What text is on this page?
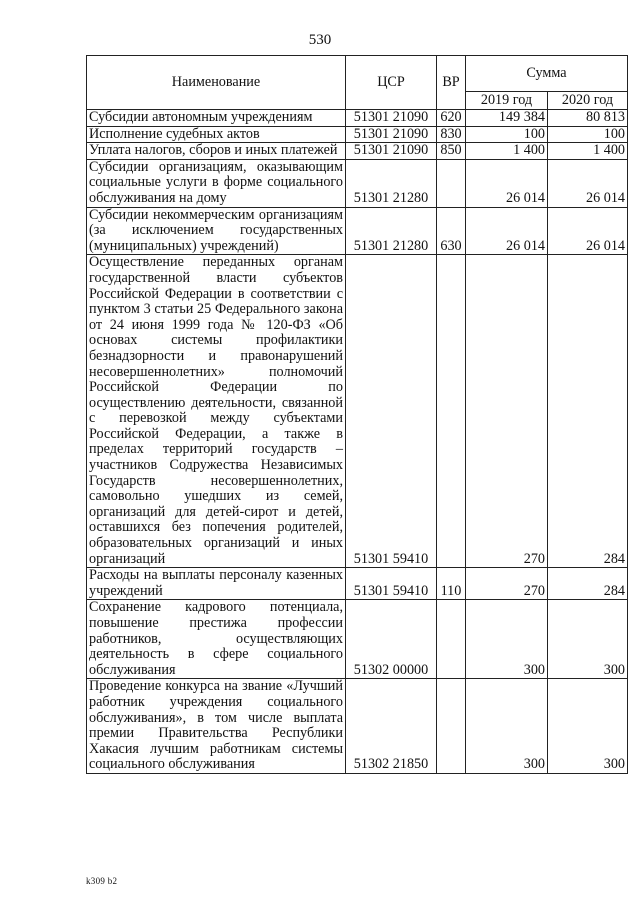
530
Наименование	ЦСР	ВР	Сумма	
			2019 год	2020 год
Субсидии автономным учреждениям	51301 21090	620	149 384	80 813
Исполнение судебных актов	51301 21090	830	100	100
Уплата налогов, сборов и иных платежей	51301 21090	850	1 400	1 400
Субсидии организациям, оказывающим социальные услуги в форме социального обслуживания на дому	51301 21280		26 014	26 014
Субсидии некоммерческим организациям (за исключением государственных (муниципальных) учреждений)	51301 21280	630	26 014	26 014
Осуществление переданных органам государственной власти субъектов Российской Федерации в соответствии с пунктом 3 статьи 25 Федерального закона от 24 июня 1999 года № 120-ФЗ «Об основах системы профилактики безнадзорности и правонарушений несовершеннолетних» полномочий Российской Федерации по осуществлению деятельности, связанной с перевозкой между субъектами Российской Федерации, а также в пределах территорий государств – участников Содружества Независимых Государств несовершеннолетних, самовольно ушедших из семей, организаций для детей-сирот и детей, оставшихся без попечения родителей, образовательных организаций и иных организаций	51301 59410		270	284
Расходы на выплаты персоналу казенных учреждений	51301 59410	110	270	284
Сохранение кадрового потенциала, повышение престижа профессии работников, осуществляющих деятельность в сфере социального обслуживания	51302 00000		300	300
Проведение конкурса на звание «Лучший работник учреждения социального обслуживания», в том числе выплата премии Правительства Республики Хакасия лучшим работникам системы социального обслуживания	51302 21850		300	300
k309 b2
